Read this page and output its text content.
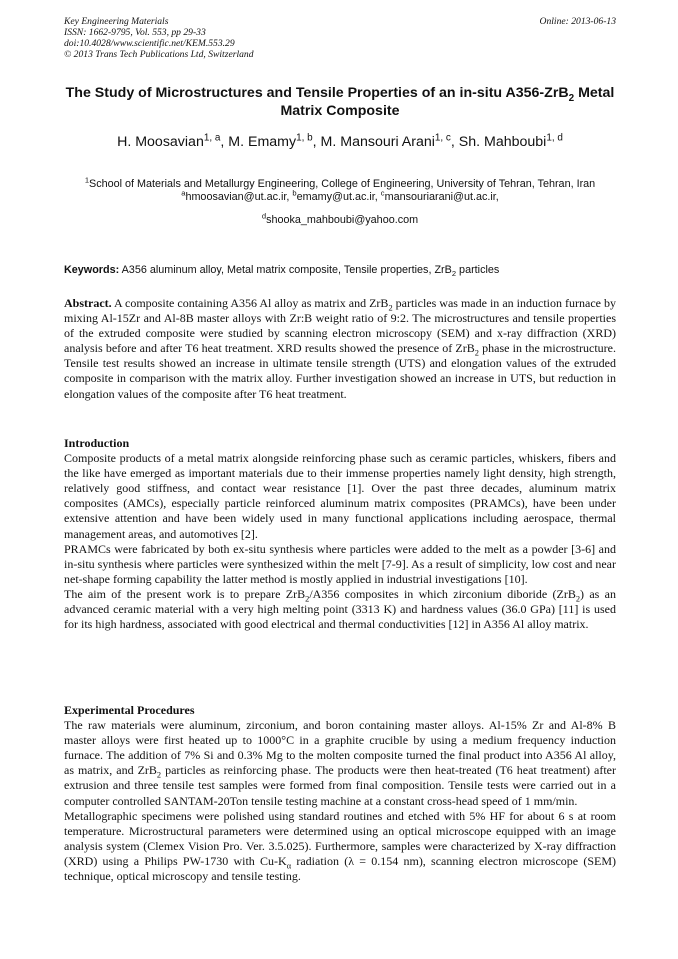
Key Engineering Materials
ISSN: 1662-9795, Vol. 553, pp 29-33
doi:10.4028/www.scientific.net/KEM.553.29
© 2013 Trans Tech Publications Ltd, Switzerland
Online: 2013-06-13
The Study of Microstructures and Tensile Properties of an in-situ A356-ZrB$_2$ Metal Matrix Composite
H. Moosavian$^{1, a}$, M. Emamy$^{1, b}$, M. Mansouri Arani$^{1, c}$, Sh. Mahboubi$^{1, d}$

$^1$School of Materials and Metallurgy Engineering, College of Engineering, University of Tehran, Tehran, Iran

$^a$hmoosavian@ut.ac.ir, $^b$emamy@ut.ac.ir, $^c$mansouriarani@ut.ac.ir,

$^d$shooka_mahboubi@yahoo.com

Keywords: A356 aluminum alloy, Metal matrix composite, Tensile properties, ZrB$_2$ particles

Abstract. A composite containing A356 Al alloy as matrix and ZrB$_2$ particles was made in an induction furnace by mixing Al-15Zr and Al-8B master alloys with Zr:B weight ratio of 9:2. The microstructures and tensile properties of the extruded composite were studied by scanning electron microscopy (SEM) and x-ray diffraction (XRD) analysis before and after T6 heat treatment. XRD results showed the presence of ZrB$_2$ phase in the microstructure. Tensile test results showed an increase in ultimate tensile strength (UTS) and elongation values of the extruded composite in comparison with the matrix alloy. Further investigation showed an increase in UTS, but reduction in elongation values of the composite after T6 heat treatment.

Introduction

Composite products of a metal matrix alongside reinforcing phase such as ceramic particles, whiskers, fibers and the like have emerged as important materials due to their immense properties namely light density, high strength, relatively good stiffness, and contact wear resistance [1]. Over the past three decades, aluminum matrix composites (AMCs), especially particle reinforced aluminum matrix composites (PRAMCs), have been under extensive attention and have been widely used in many functional applications including aerospace, thermal management areas, and automotives [2].

PRAMCs were fabricated by both ex-situ synthesis where particles were added to the melt as a powder [3-6] and in-situ synthesis where particles were synthesized within the melt [7-9]. As a result of simplicity, low cost and near net-shape forming capability the latter method is mostly applied in industrial investigations [10].

The aim of the present work is to prepare ZrB$_2$/A356 composites in which zirconium diboride (ZrB$_2$) as an advanced ceramic material with a very high melting point (3313 K) and hardness values (36.0 GPa) [11] is used for its high hardness, associated with good electrical and thermal conductivities [12] in A356 Al alloy matrix.

Experimental Procedures

The raw materials were aluminum, zirconium, and boron containing master alloys. Al-15% Zr and Al-8% B master alloys were first heated up to 1000°C in a graphite crucible by using a medium frequency induction furnace. The addition of 7% Si and 0.3% Mg to the molten composite turned the final product into A356 Al alloy, as matrix, and ZrB$_2$ particles as reinforcing phase. The products were then heat-treated (T6 heat treatment) after extrusion and three tensile test samples were formed from final composition. Tensile tests were carried out in a computer controlled SANTAM-20Ton tensile testing machine at a constant cross-head speed of 1 mm/min.

Metallographic specimens were polished using standard routines and etched with 5% HF for about 6 s at room temperature. Microstructural parameters were determined using an optical microscope equipped with an image analysis system (Clemex Vision Pro. Ver. 3.5.025). Furthermore, samples were characterized by X-ray diffraction (XRD) using a Philips PW-1730 with $Cu-K_\alpha$ radiation (λ = 0.154 nm), scanning electron microscope (SEM) technique, optical microscopy and tensile testing.
